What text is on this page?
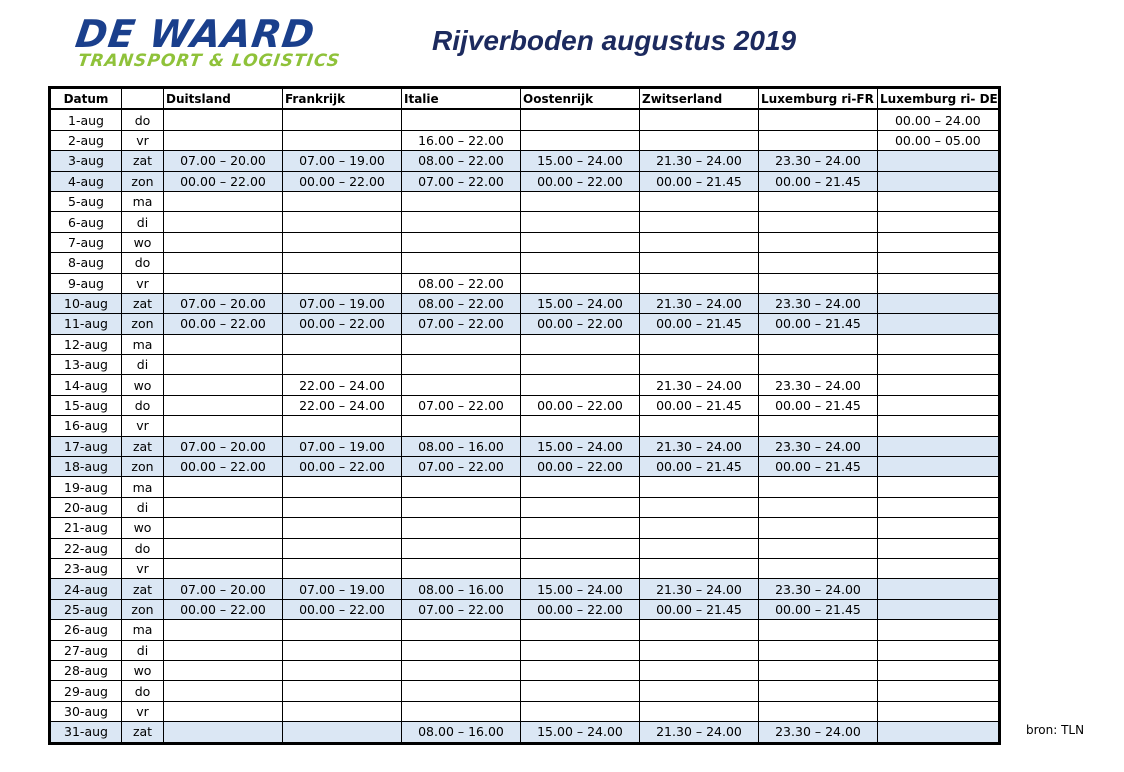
DE WAARD
TRANSPORT & LOGISTICS
Rijverboden augustus 2019
Datum		Duitsland	Frankrijk	Italie	Oostenrijk	Zwitserland	Luxemburg ri-FR	Luxemburg ri- DE
1-aug	do							00.00 – 24.00
2-aug	vr			16.00 – 22.00				00.00 – 05.00
3-aug	zat	07.00 – 20.00	07.00 – 19.00	08.00 – 22.00	15.00 – 24.00	21.30 – 24.00	23.30 – 24.00	
4-aug	zon	00.00 – 22.00	00.00 – 22.00	07.00 – 22.00	00.00 – 22.00	00.00 – 21.45	00.00 – 21.45	
5-aug	ma							
6-aug	di							
7-aug	wo							
8-aug	do							
9-aug	vr			08.00 – 22.00				
10-aug	zat	07.00 – 20.00	07.00 – 19.00	08.00 – 22.00	15.00 – 24.00	21.30 – 24.00	23.30 – 24.00	
11-aug	zon	00.00 – 22.00	00.00 – 22.00	07.00 – 22.00	00.00 – 22.00	00.00 – 21.45	00.00 – 21.45	
12-aug	ma							
13-aug	di							
14-aug	wo		22.00 – 24.00			21.30 – 24.00	23.30 – 24.00	
15-aug	do		22.00 – 24.00	07.00 – 22.00	00.00 – 22.00	00.00 – 21.45	00.00 – 21.45	
16-aug	vr							
17-aug	zat	07.00 – 20.00	07.00 – 19.00	08.00 – 16.00	15.00 – 24.00	21.30 – 24.00	23.30 – 24.00	
18-aug	zon	00.00 – 22.00	00.00 – 22.00	07.00 – 22.00	00.00 – 22.00	00.00 – 21.45	00.00 – 21.45	
19-aug	ma							
20-aug	di							
21-aug	wo							
22-aug	do							
23-aug	vr							
24-aug	zat	07.00 – 20.00	07.00 – 19.00	08.00 – 16.00	15.00 – 24.00	21.30 – 24.00	23.30 – 24.00	
25-aug	zon	00.00 – 22.00	00.00 – 22.00	07.00 – 22.00	00.00 – 22.00	00.00 – 21.45	00.00 – 21.45	
26-aug	ma							
27-aug	di							
28-aug	wo							
29-aug	do							
30-aug	vr							
31-aug	zat			08.00 – 16.00	15.00 – 24.00	21.30 – 24.00	23.30 – 24.00		bron: TLN
